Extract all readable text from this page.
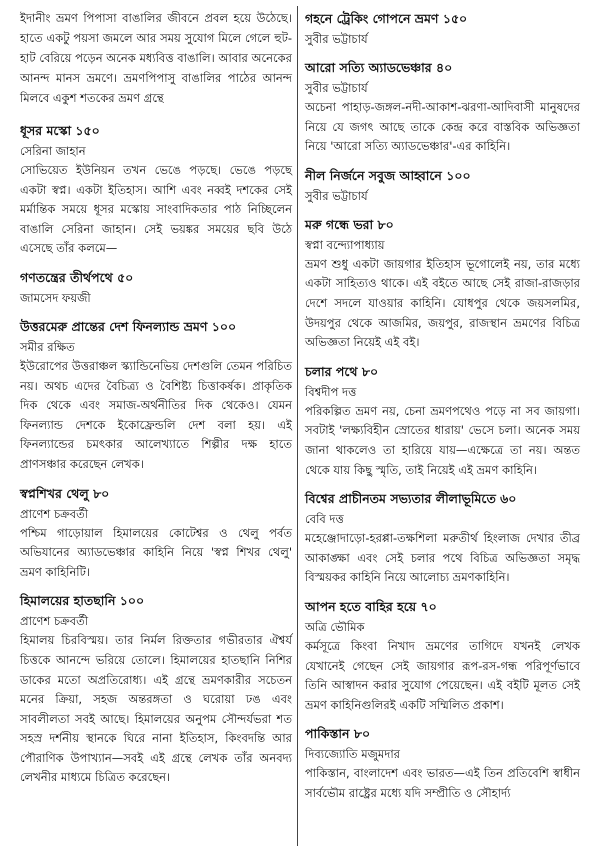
ইদানীং ভ্রমণ পিপাসা বাঙালির জীবনে প্রবল হয়ে উঠেছে। হাতে একটু পয়সা জমলে আর সময় সুযোগ মিলে গেলে হুট-হাট বেরিয়ে পড়েন অনেক মধ্যবিত্ত বাঙালি। আবার অনেকের আনন্দ মানস ভ্রমণে। ভ্রমণপিপাসু বাঙালির পাঠের আনন্দ মিলবে একুশ শতকের ভ্রমণ গ্রন্থে

ধূসর মস্কো ১৫০
সেরিনা জাহান

সোভিয়েত ইউনিয়ন তখন ভেঙে পড়ছে। ভেঙে পড়ছে একটা স্বপ্ন। একটা ইতিহাস। আশি এবং নব্বই দশকের সেই মর্মান্তিক সময়ে ধূসর মস্কোয় সাংবাদিকতার পাঠ নিচ্ছিলেন বাঙালি সেরিনা জাহান। সেই ভয়ঙ্কর সময়ের ছবি উঠে এসেছে তাঁর কলমে—

গণতন্ত্রের তীর্থপথে ৫০
জামসেদ ফয়জী
উত্তরমেরু প্রান্তের দেশ ফিনল্যান্ড ভ্রমণ ১০০
সমীর রক্ষিত

ইউরোপের উত্তরাঞ্চল স্ক্যান্ডিনেভিয় দেশগুলি তেমন পরিচিত নয়। অথচ এদের বৈচিত্র্য ও বৈশিষ্ট্য চিত্তাকর্ষক। প্রাকৃতিক দিক থেকে এবং সমাজ-অর্থনীতির দিক থেকেও। যেমন ফিনল্যান্ড দেশকে ইকোফ্রেন্ডলি দেশ বলা হয়। এই ফিনল্যান্ডের চমৎকার আলেখ্যাতে শিল্পীর দক্ষ হাতে প্রাণসঞ্চার করেছেন লেখক।

স্বপ্নশিখর থেলু ৮০
প্রাণেশ চক্রবর্তী

পশ্চিম গাড়োয়াল হিমালয়ের কোটেশ্বর ও থেলু পর্বত অভিযানের অ্যাডভেঞ্চার কাহিনি নিয়ে 'স্বপ্ন শিখর থেলু' ভ্রমণ কাহিনিটি।

হিমালয়ের হাতছানি ১০০
প্রাণেশ চক্রবর্তী

হিমালয় চিরবিস্ময়। তার নির্মল রিক্ততার গভীরতার ঐশ্বর্য চিত্তকে আনন্দে ভরিয়ে তোলে। হিমালয়ের হাতছানি নিশির ডাকের মতো অপ্রতিরোধ্য। এই গ্রন্থে ভ্রমণকারীর সচেতন মনের ক্রিয়া, সহজ অন্তরঙ্গতা ও ঘরোয়া ঢঙ এবং সাবলীলতা সবই আছে। হিমালয়ের অনুপম সৌন্দর্যভরা শত সহস্র দর্শনীয় স্থানকে ঘিরে নানা ইতিহাস, কিংবদন্তি আর পৌরাণিক উপাখ্যান—সবই এই গ্রন্থে লেখক তাঁর অনবদ্য লেখনীর মাধ্যমে চিত্রিত করেছেন।

গহনে ট্রেকিং গোপনে ভ্রমণ ১৫০
সুবীর ভট্টাচার্য
আরো সত্যি অ্যাডভেঞ্চার ৪০
সুবীর ভট্টাচার্য

অচেনা পাহাড়-জঙ্গল-নদী-আকাশ-ঝরণা-আদিবাসী মানুষদের নিয়ে যে জগৎ আছে তাকে কেন্দ্র করে বাস্তবিক অভিজ্ঞতা নিয়ে 'আরো সত্যি অ্যাডভেঞ্চার'-এর কাহিনি।

নীল নির্জনে সবুজ আহ্বানে ১০০
সুবীর ভট্টাচার্য
মরু গন্ধে ভরা ৮০
স্বপ্না বন্দ্যোপাধ্যায়

ভ্রমণ শুধু একটা জায়গার ইতিহাস ভূগোলেই নয়, তার মধ্যে একটা সাহিত্যও থাকে। এই বইতে আছে সেই রাজা-রাজড়ার দেশে সদলে যাওয়ার কাহিনি। যোধপুর থেকে জয়সলমির, উদয়পুর থেকে আজমির, জয়পুর, রাজস্থান ভ্রমণের বিচিত্র অভিজ্ঞতা নিয়েই এই বই।

চলার পথে ৮০
বিশ্বদীপ দত্ত

পরিকল্পিত ভ্রমণ নয়, চেনা ভ্রমণপথেও পড়ে না সব জায়গা। সবটাই 'লক্ষ্যবিহীন স্রোতের ধারায়' ভেসে চলা। অনেক সময় জানা থাকলেও তা হারিয়ে যায়—এক্ষেত্রে তা নয়। অন্তত থেকে যায় কিছু স্মৃতি, তাই নিয়েই এই ভ্রমণ কাহিনি।

বিশ্বের প্রাচীনতম সভ্যতার লীলাভূমিতে ৬০
বেবি দত্ত

মহেঞ্জোদাড়ো-হরপ্পা-তক্ষশিলা মরুতীর্থ হিংলাজ দেখার তীব্র আকাঙ্ক্ষা এবং সেই চলার পথে বিচিত্র অভিজ্ঞতা সমৃদ্ধ বিস্ময়কর কাহিনি নিয়ে আলোচ্য ভ্রমণকাহিনি।

আপন হতে বাহির হয়ে ৭০
অত্রি ভৌমিক

কর্মসূত্রে কিংবা নিখাদ ভ্রমণের তাগিদে যখনই লেখক যেখানেই গেছেন সেই জায়গার রূপ-রস-গন্ধ পরিপূর্ণভাবে তিনি আস্বাদন করার সুযোগ পেয়েছেন। এই বইটি মূলত সেই ভ্রমণ কাহিনিগুলিরই একটি সম্মিলিত প্রকাশ।

পাকিস্তান ৮০
দিব্যজ্যোতি মজুমদার

পাকিস্তান, বাংলাদেশ এবং ভারত—এই তিন প্রতিবেশি স্বাধীন সার্বভৌম রাষ্ট্রের মধ্যে যদি সম্প্রীতি ও সৌহার্দ্য
